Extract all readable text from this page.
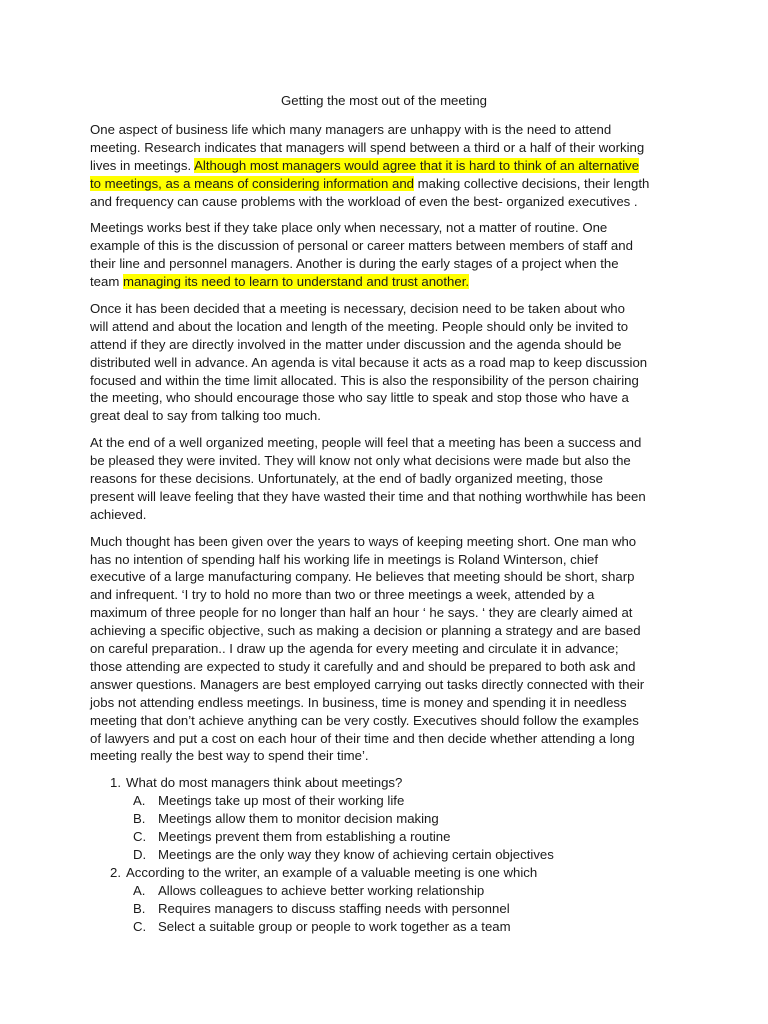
Getting the most out of the meeting

One aspect of business life which many managers are unhappy with is the need to attend
meeting. Research indicates that managers will spend between a third or a half of their working
lives in meetings. Although most managers would agree that it is hard to think of an alternative
to meetings, as a means of considering information and making collective decisions, their length
and frequency can cause problems with the workload of even the best- organized executives .

Meetings works best if they take place only when necessary, not a matter of routine. One
example of this is the discussion of personal or career matters between members of staff and
their line and personnel managers. Another is during the early stages of a project when the
team managing its need to learn to understand and trust another.

Once it has been decided that a meeting is necessary, decision need to be taken about who
will attend and about the location and length of the meeting. People should only be invited to
attend if they are directly involved in the matter under discussion and the agenda should be
distributed well in advance. An agenda is vital because it acts as a road map to keep discussion
focused and within the time limit allocated. This is also the responsibility of the person chairing
the meeting, who should encourage those who say little to speak and stop those who have a
great deal to say from talking too much.

At the end of a well organized meeting, people will feel that a meeting has been a success and
be pleased they were invited. They will know not only what decisions were made but also the
reasons for these decisions. Unfortunately, at the end of badly organized meeting, those
present will leave feeling that they have wasted their time and that nothing worthwhile has been
achieved.

Much thought has been given over the years to ways of keeping meeting short. One man who
has no intention of spending half his working life in meetings is Roland Winterson, chief
executive of a large manufacturing company. He believes that meeting should be short, sharp
and infrequent. ‘I try to hold no more than two or three meetings a week, attended by a
maximum of three people for no longer than half an hour ‘ he says. ‘ they are clearly aimed at
achieving a specific objective, such as making a decision or planning a strategy and are based
on careful preparation.. I draw up the agenda for every meeting and circulate it in advance;
those attending are expected to study it carefully and and should be prepared to both ask and
answer questions. Managers are best employed carrying out tasks directly connected with their
jobs not attending endless meetings. In business, time is money and spending it in needless
meeting that don’t achieve anything can be very costly. Executives should follow the examples
of lawyers and put a cost on each hour of their time and then decide whether attending a long
meeting really the best way to spend their time’.

1. What do most managers think about meetings?
A. Meetings take up most of their working life
B. Meetings allow them to monitor decision making
C. Meetings prevent them from establishing a routine
D. Meetings are the only way they know of achieving certain objectives
2. According to the writer, an example of a valuable meeting is one which
A. Allows colleagues to achieve better working relationship
B. Requires managers to discuss staffing needs with personnel
C. Select a suitable group or people to work together as a team
